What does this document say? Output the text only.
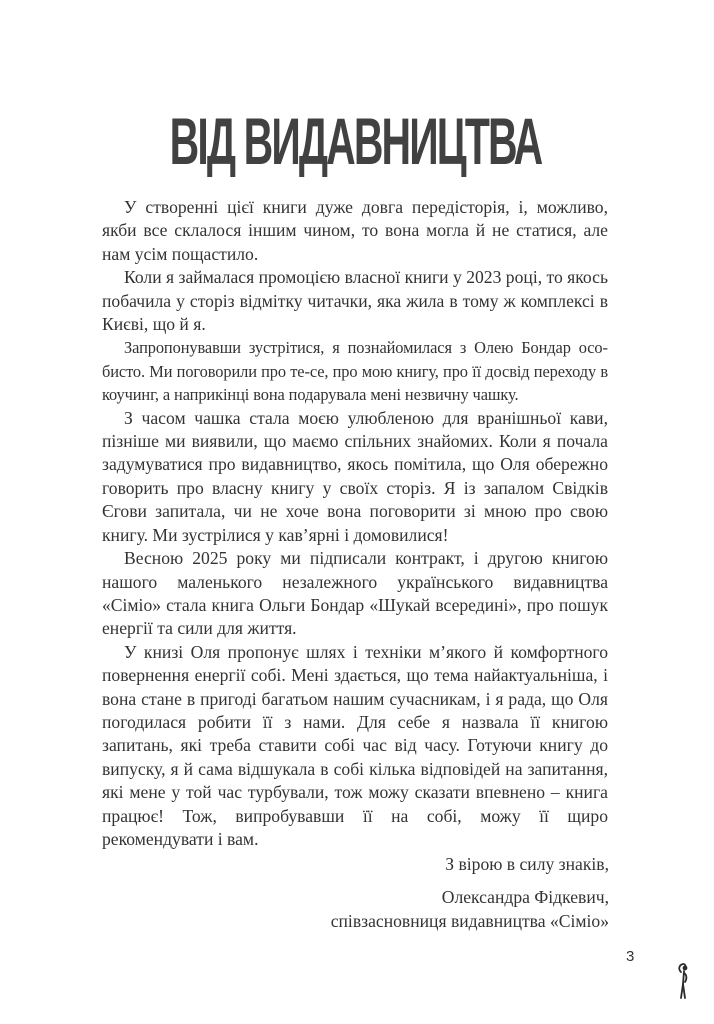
ВІД ВИДАВНИЦТВА

У створенні цієї книги дуже довга передісторія, і, можливо, якби все склалося іншим чином, то вона могла й не статися, але нам усім пощастило.

Коли я займалася промоцією власної книги у 2023 році, то якось побачила у сторіз відмітку читачки, яка жила в тому ж комплексі в Києві, що й я.

Запропонувавши зустрітися, я познайомилася з Олею Бондар особисто. Ми поговорили про те-се, про мою книгу, про її досвід переходу в коучинг, а наприкінці вона подарувала мені незвичну чашку.

З часом чашка стала моєю улюбленою для вранішньої кави, пізніше ми виявили, що маємо спільних знайомих. Коли я почала задумуватися про видавництво, якось помітила, що Оля обережно говорить про власну книгу у своїх сторіз. Я із запалом Свідків Єгови запитала, чи не хоче вона поговорити зі мною про свою книгу. Ми зустрілися у кав’ярні і домовилися!

Весною 2025 року ми підписали контракт, і другою книгою нашого маленького незалежного українського видавництва «Сіміо» стала книга Ольги Бондар «Шукай всередині», про пошук енергії та сили для життя.

У книзі Оля пропонує шлях і техніки м’якого й комфортного повернення енергії собі. Мені здається, що тема найактуальніша, і вона стане в пригоді багатьом нашим сучасникам, і я рада, що Оля погодилася робити її з нами. Для себе я назвала її книгою запитань, які треба ставити собі час від часу. Готуючи книгу до випуску, я й сама відшукала в собі кілька відповідей на запитання, які мене у той час турбували, тож можу сказати впевнено – книга працює! Тож, випробувавши її на собі, можу її щиро рекомендувати і вам.

З вірою в силу знаків,
Олександра Фідкевич,
співзасновниця видавництва «Сіміо»
3
